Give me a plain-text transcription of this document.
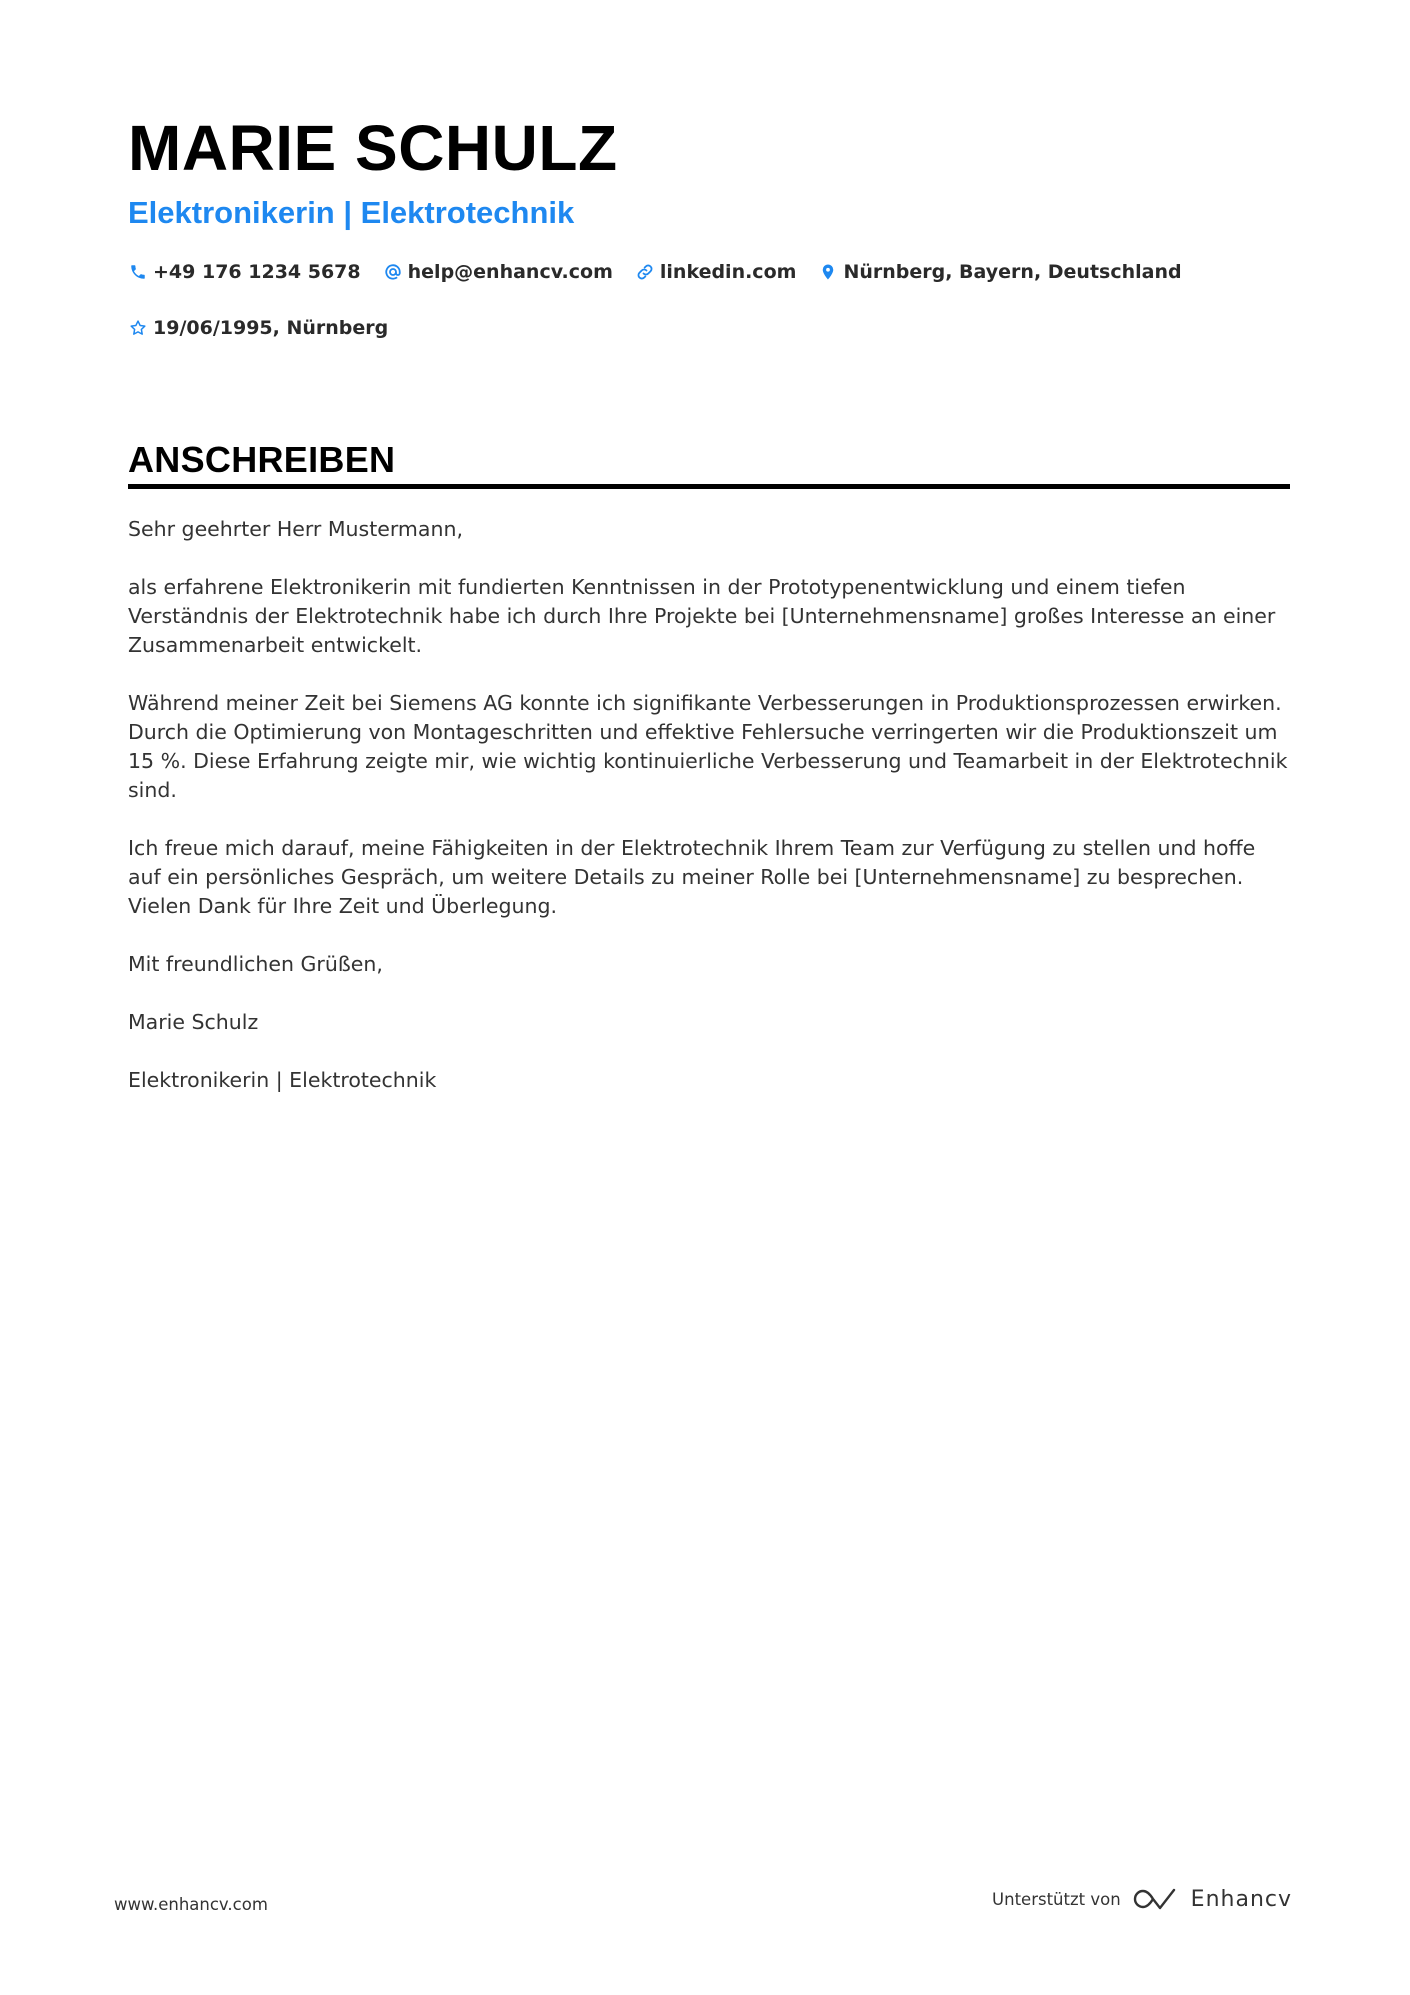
MARIE SCHULZ
Elektronikerin | Elektrotechnik
+49 176 1234 5678 help@enhancv.com linkedin.com Nürnberg, Bayern, Deutschland
19/06/1995, Nürnberg
ANSCHREIBEN

Sehr geehrter Herr Mustermann,

als erfahrene Elektronikerin mit fundierten Kenntnissen in der Prototypenentwicklung und einem tiefen Verständnis der Elektrotechnik habe ich durch Ihre Projekte bei [Unternehmensname] großes Interesse an einer Zusammenarbeit entwickelt.

Während meiner Zeit bei Siemens AG konnte ich signifikante Verbesserungen in Produktionsprozessen erwirken. Durch die Optimierung von Montageschritten und effektive Fehlersuche verringerten wir die Produktionszeit um 15 %. Diese Erfahrung zeigte mir, wie wichtig kontinuierliche Verbesserung und Teamarbeit in der Elektrotechnik sind.

Ich freue mich darauf, meine Fähigkeiten in der Elektrotechnik Ihrem Team zur Verfügung zu stellen und hoffe auf ein persönliches Gespräch, um weitere Details zu meiner Rolle bei [Unternehmensname] zu besprechen. Vielen Dank für Ihre Zeit und Überlegung.

Mit freundlichen Grüßen,

Marie Schulz

Elektronikerin | Elektrotechnik

www.enhancv.com	Unterstützt von	Enhancv
